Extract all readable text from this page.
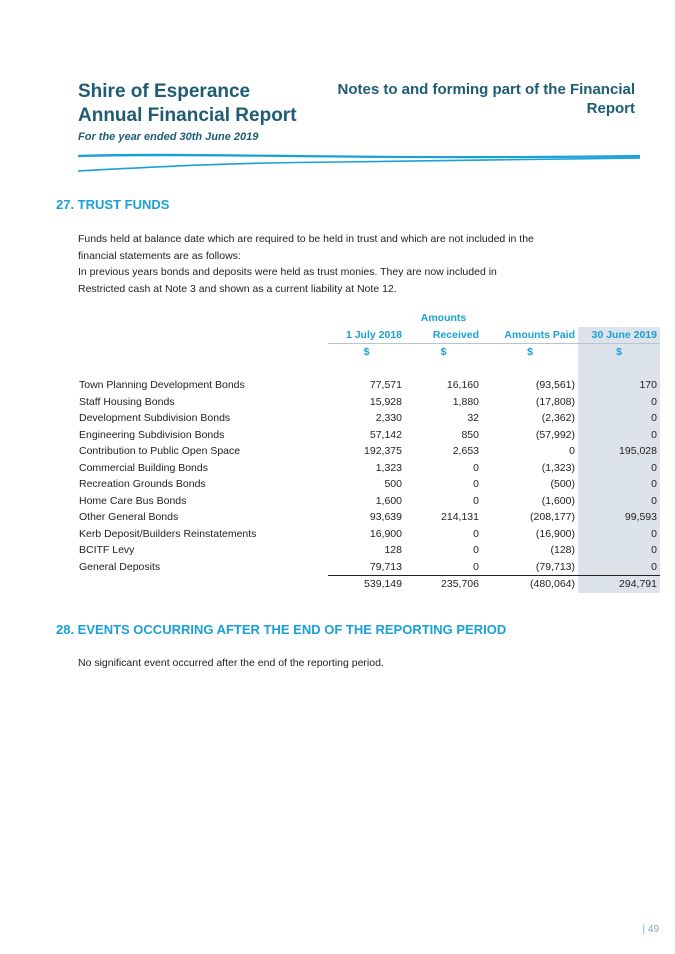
Shire of Esperance
Annual Financial Report
For the year ended 30th June 2019
Notes to and forming part of the Financial
Report
27. TRUST FUNDS

Funds held at balance date which are required to be held in trust and which are not included in the

financial statements are as follows:

In previous years bonds and deposits were held as trust monies. They are now included in

Restricted cash at Note 3 and shown as a current liability at Note 12.

		Amounts		
	1 July 2018	Received	Amounts Paid	30 June 2019
	$	$	$	$

Town Planning Development Bonds	77,571	16,160	(93,561)	170
Staff Housing Bonds	15,928	1,880	(17,808)	0
Development Subdivision Bonds	2,330	32	(2,362)	0
Engineering Subdivision Bonds	57,142	850	(57,992)	0
Contribution to Public Open Space	192,375	2,653	0	195,028
Commercial Building Bonds	1,323	0	(1,323)	0
Recreation Grounds Bonds	500	0	(500)	0
Home Care Bus Bonds	1,600	0	(1,600)	0
Other General Bonds	93,639	214,131	(208,177)	99,593
Kerb Deposit/Builders Reinstatements	16,900	0	(16,900)	0
BCITF Levy	128	0	(128)	0
General Deposits	79,713	0	(79,713)	0
	539,149	235,706	(480,064)	294,791
28. EVENTS OCCURRING AFTER THE END OF THE REPORTING PERIOD
No significant event occurred after the end of the reporting period.
| 49
